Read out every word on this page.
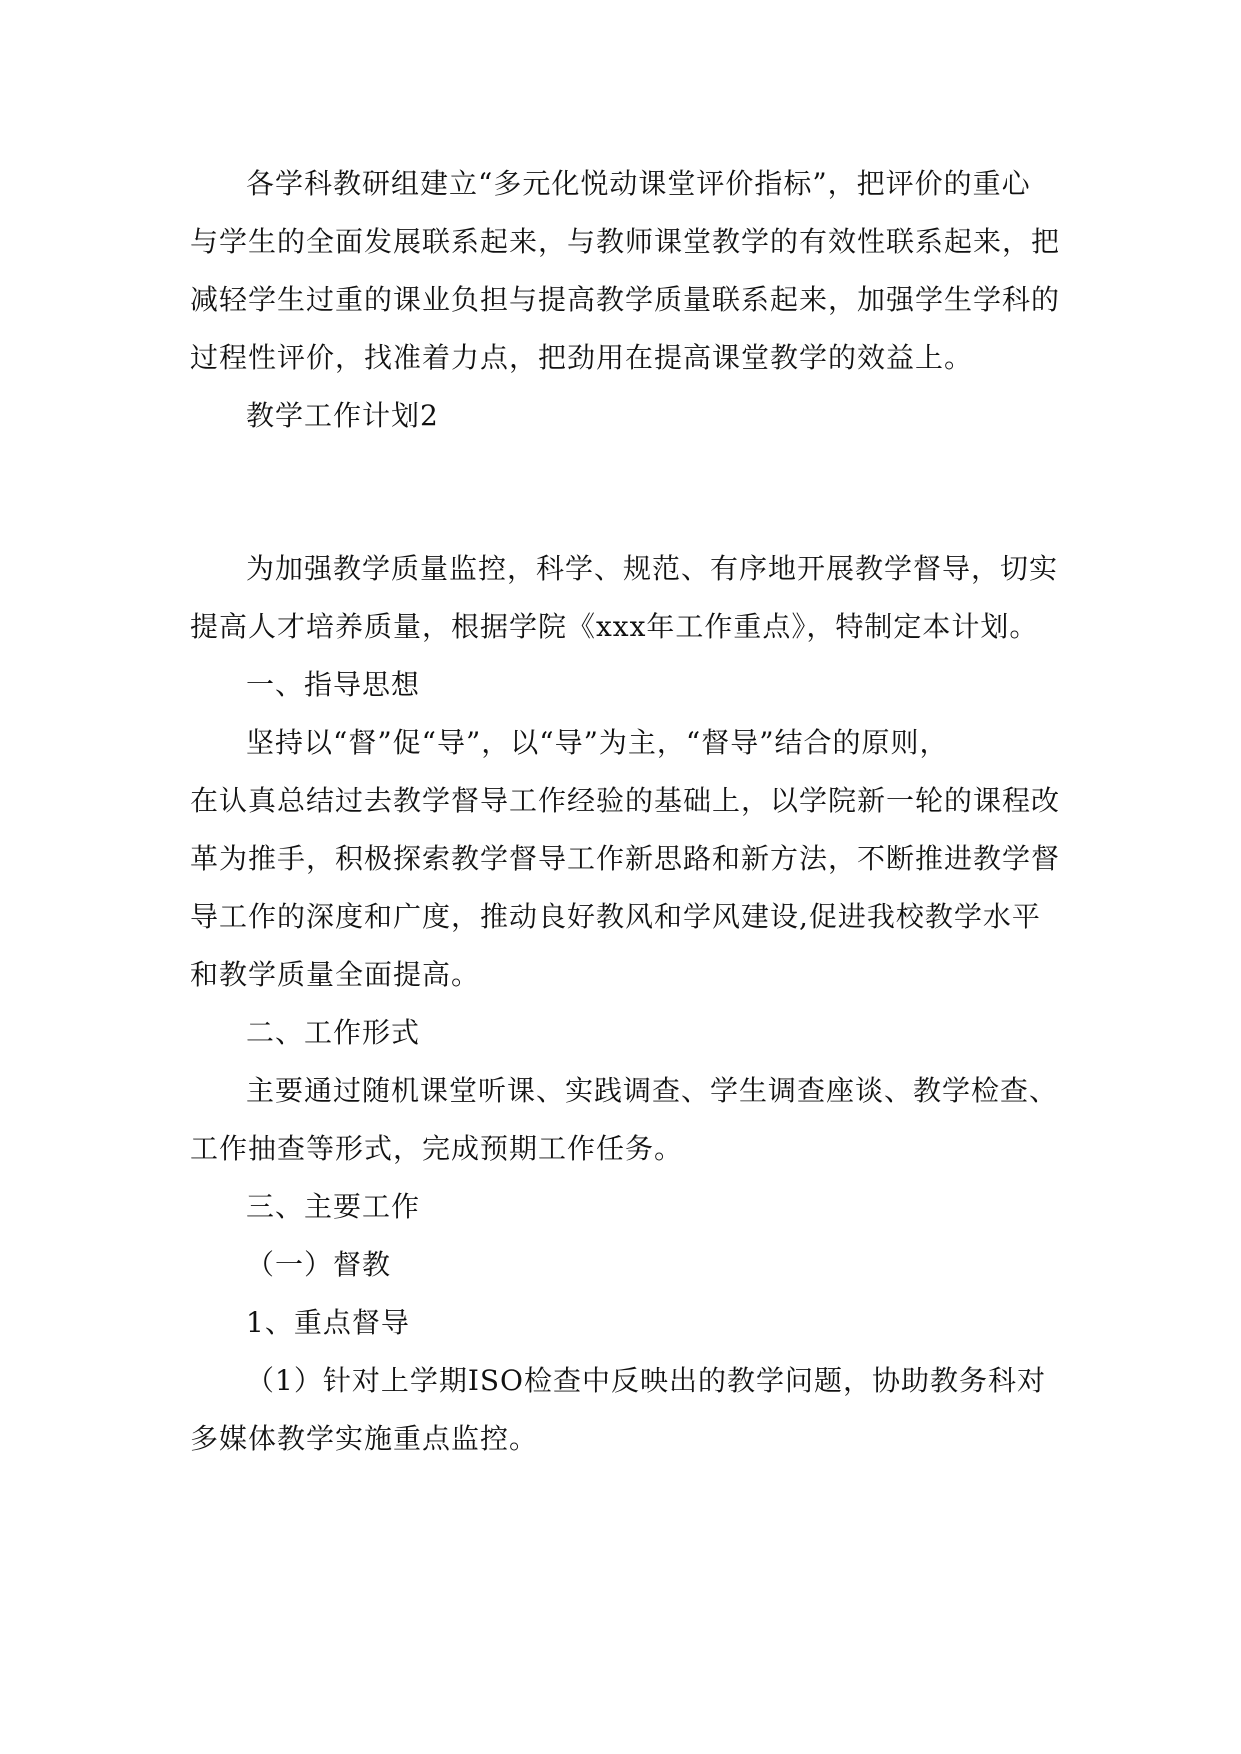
各学科教研组建立“多元化悦动课堂评价指标”，把评价的重心
与学生的全面发展联系起来，与教师课堂教学的有效性联系起来，把
减轻学生过重的课业负担与提高教学质量联系起来，加强学生学科的
过程性评价，找准着力点，把劲用在提高课堂教学的效益上。
教学工作计划2
为加强教学质量监控，科学、规范、有序地开展教学督导，切实
提高人才培养质量，根据学院《xxx年工作重点》，特制定本计划。
一、指导思想
坚持以“督”促“导”，以“导”为主，“督导”结合的原则，
在认真总结过去教学督导工作经验的基础上，以学院新一轮的课程改
革为推手，积极探索教学督导工作新思路和新方法，不断推进教学督
导工作的深度和广度，推动良好教风和学风建设,促进我校教学水平
和教学质量全面提高。
二、工作形式
主要通过随机课堂听课、实践调查、学生调查座谈、教学检查、
工作抽查等形式，完成预期工作任务。
三、主要工作
（一）督教
1、重点督导
（1）针对上学期ISO检查中反映出的教学问题，协助教务科对
多媒体教学实施重点监控。
